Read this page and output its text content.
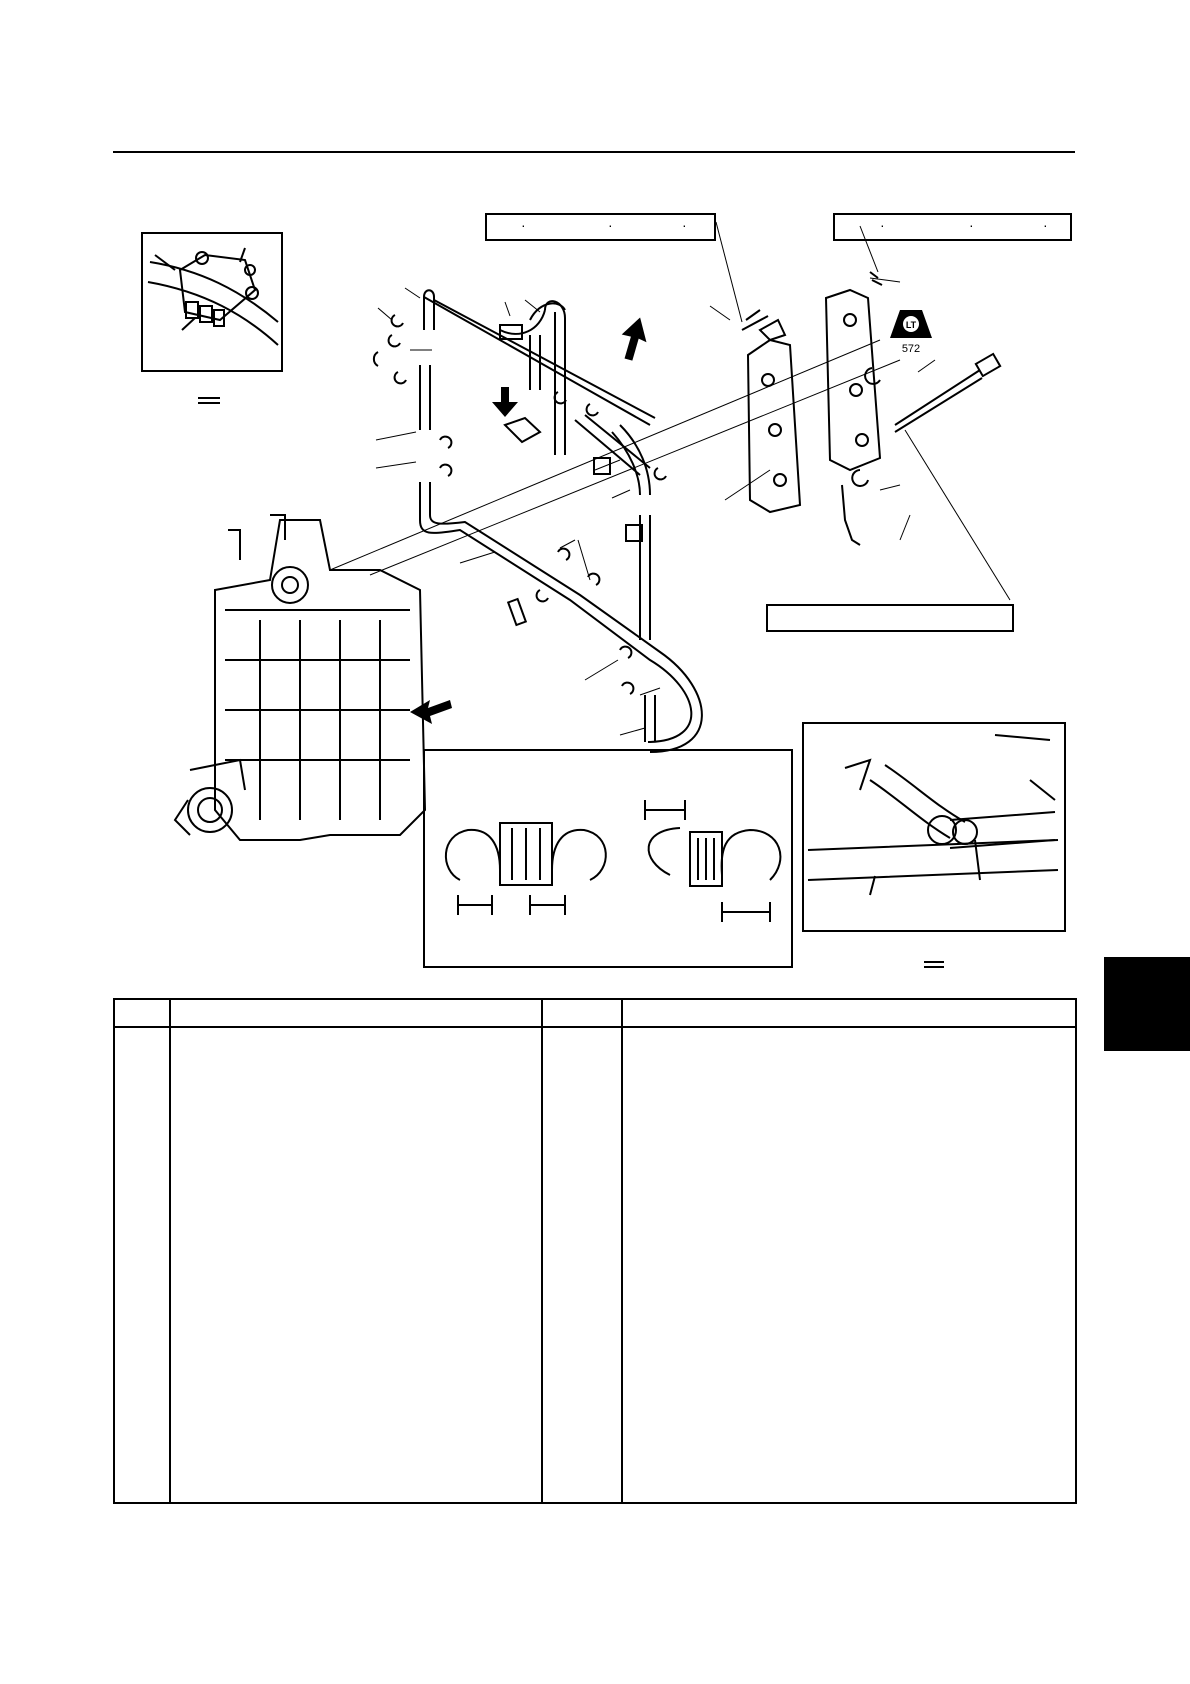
·	·	·	·	·	·
LT
572
